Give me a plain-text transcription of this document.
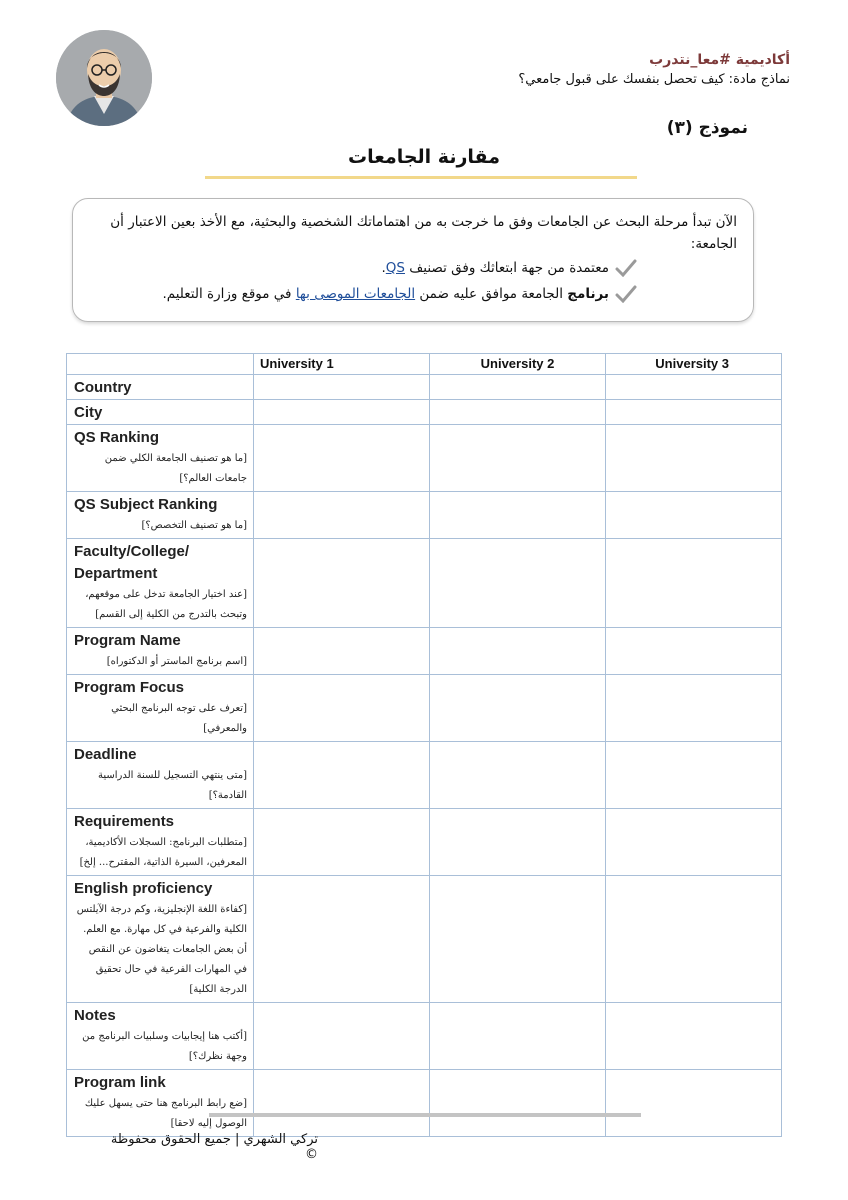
أكاديمية #معا_نتدرب
نماذج مادة: كيف تحصل بنفسك على قبول جامعي؟
نموذج (٣)
مقارنة الجامعات
الآن تبدأ مرحلة البحث عن الجامعات وفق ما خرجت به من اهتماماتك الشخصية والبحثية، مع الأخذ بعين الاعتبار أن الجامعة:
معتمدة من جهة ابتعاثك وفق تصنيف QS.
برنامج الجامعة موافق عليه ضمن الجامعات الموصى بها في موقع وزارة التعليم.
	University 1	University 2	University 3

Country			

City			

QS Ranking
[ما هو تصنيف الجامعة الكلي ضمن جامعات العالم؟]			

QS Subject Ranking
[ما هو تصنيف التخصص؟]			

Faculty/College/ Department
[عند اختيار الجامعة تدخل على موقعهم، وتبحث بالتدرج من الكلية إلى القسم]			

Program Name
[اسم برنامج الماستر أو الدكتوراه]			

Program Focus
[تعرف على توجه البرنامج البحثي والمعرفي]			

Deadline
[متى ينتهي التسجيل للسنة الدراسية القادمة؟]			

Requirements
[متطلبات البرنامج: السجلات الأكاديمية، المعرفين، السيرة الذاتية، المقترح... إلخ]			

English proficiency
[كفاءة اللغة الإنجليزية، وكم درجة الآيلتس الكلية والفرعية في كل مهارة. مع العلم. أن بعض الجامعات يتغاضون عن النقص في المهارات الفرعية في حال تحقيق الدرجة الكلية]			

Notes
[أكتب هنا إيجابيات وسلبيات البرنامج من وجهة نظرك؟]			

Program link
[ضع رابط البرنامج هنا حتى يسهل عليك الوصول إليه لاحقا]			

تركي الشهري | جميع الحقوق محفوظة ©
